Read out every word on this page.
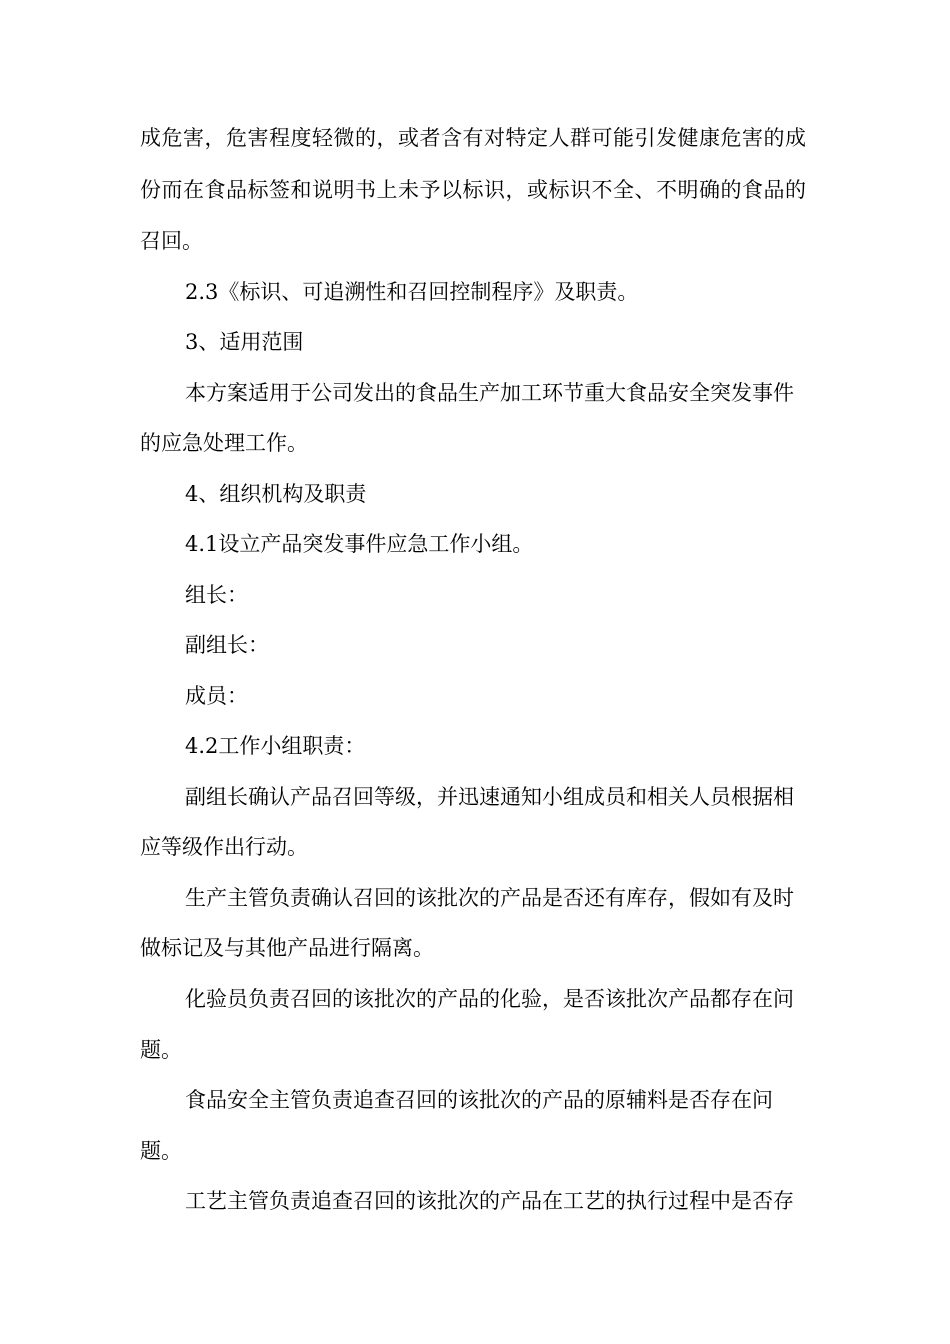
成危害，危害程度轻微的，或者含有对特定人群可能引发健康危害的成
份而在食品标签和说明书上未予以标识，或标识不全、不明确的食品的
召回。
2.3《标识、可追溯性和召回控制程序》及职责。
3、适用范围
本方案适用于公司发出的食品生产加工环节重大食品安全突发事件
的应急处理工作。
4、组织机构及职责
4.1设立产品突发事件应急工作小组。
组长：
副组长：
成员：
4.2工作小组职责：
副组长确认产品召回等级，并迅速通知小组成员和相关人员根据相
应等级作出行动。
生产主管负责确认召回的该批次的产品是否还有库存，假如有及时
做标记及与其他产品进行隔离。
化验员负责召回的该批次的产品的化验，是否该批次产品都存在问
题。
食品安全主管负责追查召回的该批次的产品的原辅料是否存在问
题。
工艺主管负责追查召回的该批次的产品在工艺的执行过程中是否存
